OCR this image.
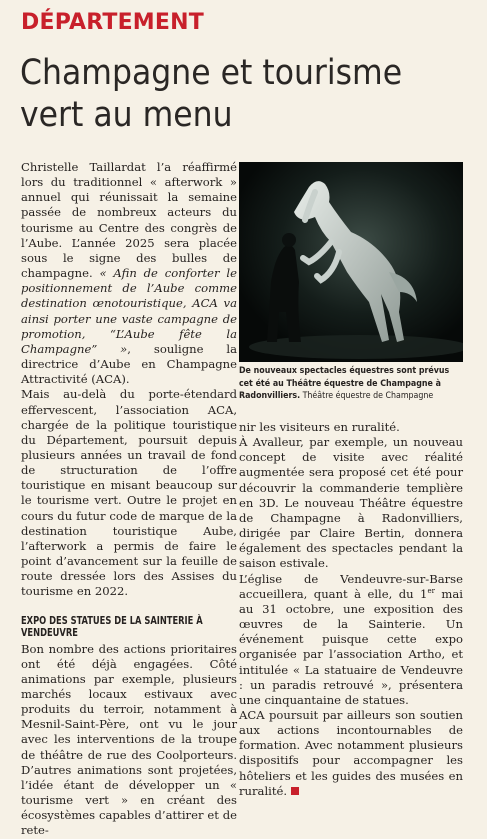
DÉPARTEMENT
Champagne et tourisme vert au menu

Christelle Taillardat l’a réaffirmé lors du traditionnel « afterwork » annuel qui réunissait la semaine passée de nombreux acteurs du tourisme au Centre des congrès de l’Aube. L’année 2025 sera placée sous le signe des bulles de champagne. « Afin de conforter le positionnement de l’Aube comme destination œnotouristique, ACA va ainsi porter une vaste campagne de promotion, “L’Aube fête la Champagne” », souligne la directrice d’Aube en Champagne Attractivité (ACA).

Mais au-delà du porte-étendard effervescent, l’association ACA, chargée de la politique touristique du Département, poursuit depuis plusieurs années un travail de fond de structuration de l’offre touristique en misant beaucoup sur le tourisme vert. Outre le projet en cours du futur code de marque de la destination touristique Aube, l’afterwork a permis de faire le point d’avancement sur la feuille de route dressée lors des Assises du tourisme en 2022.

EXPO DES STATUES DE LA SAINTERIE À VENDEUVRE

Bon nombre des actions prioritaires ont été déjà engagées. Côté animations par exemple, plusieurs marchés locaux estivaux avec produits du terroir, notamment à Mesnil-Saint-Père, ont vu le jour avec les interventions de la troupe de théâtre de rue des Coolporteurs. D’autres animations sont projetées, l’idée étant de développer un « tourisme vert » en créant des écosystèmes capables d’attirer et de rete-

De nouveaux spectacles équestres sont prévus cet été au Théâtre équestre de Champagne à Radonvilliers. Théâtre équestre de Champagne

nir les visiteurs en ruralité.

À Avalleur, par exemple, un nouveau concept de visite avec réalité augmentée sera proposé cet été pour découvrir la commanderie templière en 3D. Le nouveau Théâtre équestre de Champagne à Radonvilliers, dirigée par Claire Bertin, donnera également des spectacles pendant la saison estivale.

L’église de Vendeuvre-sur-Barse accueillera, quant à elle, du 1er mai au 31 octobre, une exposition des œuvres de la Sainterie. Un événement puisque cette expo organisée par l’association Artho, et intitulée « La statuaire de Vendeuvre : un paradis retrouvé », présentera une cinquantaine de statues.

ACA poursuit par ailleurs son soutien aux actions incontournables de formation. Avec notamment plusieurs dispositifs pour accompagner les hôteliers et les guides des musées en ruralité.
